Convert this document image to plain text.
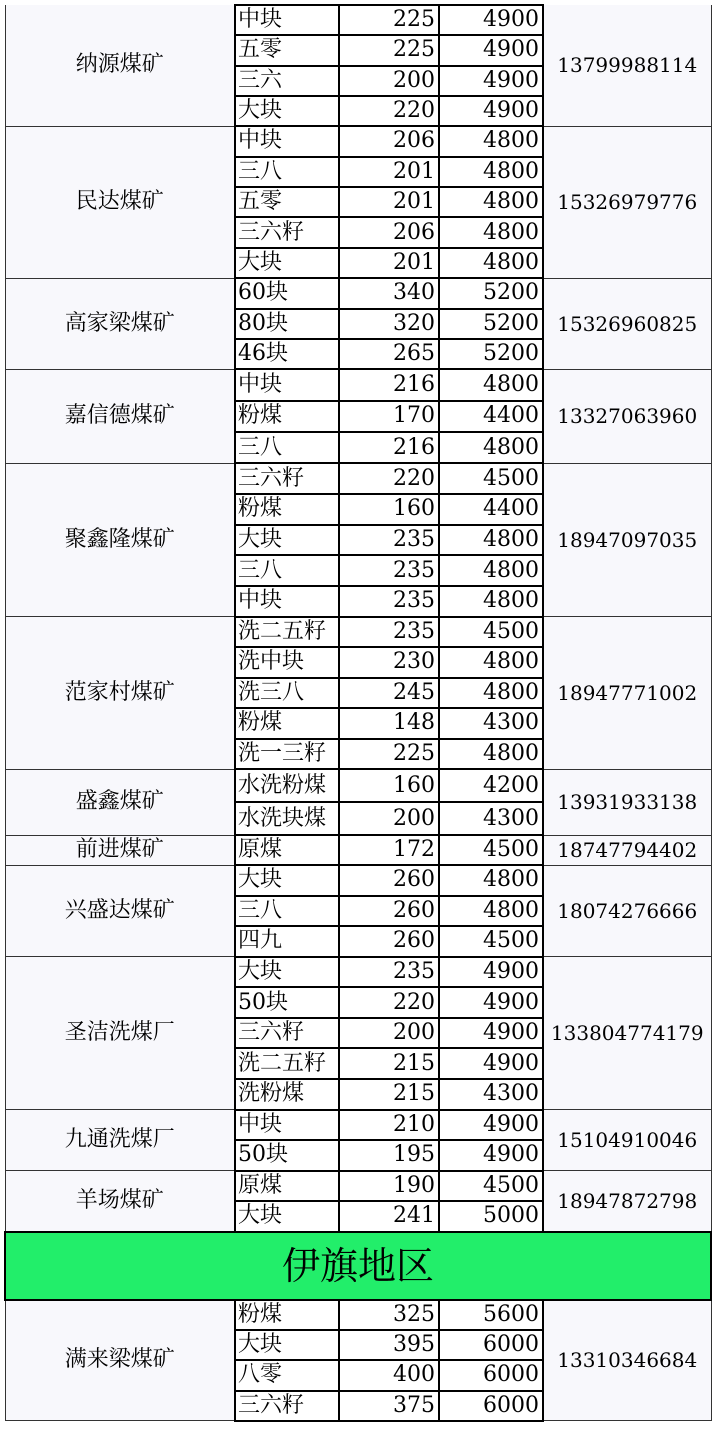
纳源煤矿	中块	225	4900	13799988114
	五零	225	4900	
	三六	200	4900	
	大块	220	4900	
民达煤矿	中块	206	4800	15326979776
	三八	201	4800	
	五零	201	4800	
	三六籽	206	4800	
	大块	201	4800	
高家梁煤矿	60块	340	5200	15326960825
	80块	320	5200	
	46块	265	5200	
嘉信德煤矿	中块	216	4800	13327063960
	粉煤	170	4400	
	三八	216	4800	
聚鑫隆煤矿	三六籽	220	4500	18947097035
	粉煤	160	4400	
	大块	235	4800	
	三八	235	4800	
	中块	235	4800	
范家村煤矿	洗二五籽	235	4500	18947771002
	洗中块	230	4800	
	洗三八	245	4800	
	粉煤	148	4300	
	洗一三籽	225	4800	
盛鑫煤矿	水洗粉煤	160	4200	13931933138
	水洗块煤	200	4300	
前进煤矿	原煤	172	4500	18747794402
兴盛达煤矿	大块	260	4800	18074276666
	三八	260	4800	
	四九	260	4500	
圣洁洗煤厂	大块	235	4900	133804774179
	50块	220	4900	
	三六籽	200	4900	
	洗二五籽	215	4900	
	洗粉煤	215	4300	
九通洗煤厂	中块	210	4900	15104910046
	50块	195	4900	
羊场煤矿	原煤	190	4500	18947872798
	大块	241	5000	
伊旗地区				
满来梁煤矿	粉煤	325	5600	13310346684
	大块	395	6000	
	八零	400	6000	
	三六籽	375	6000	
